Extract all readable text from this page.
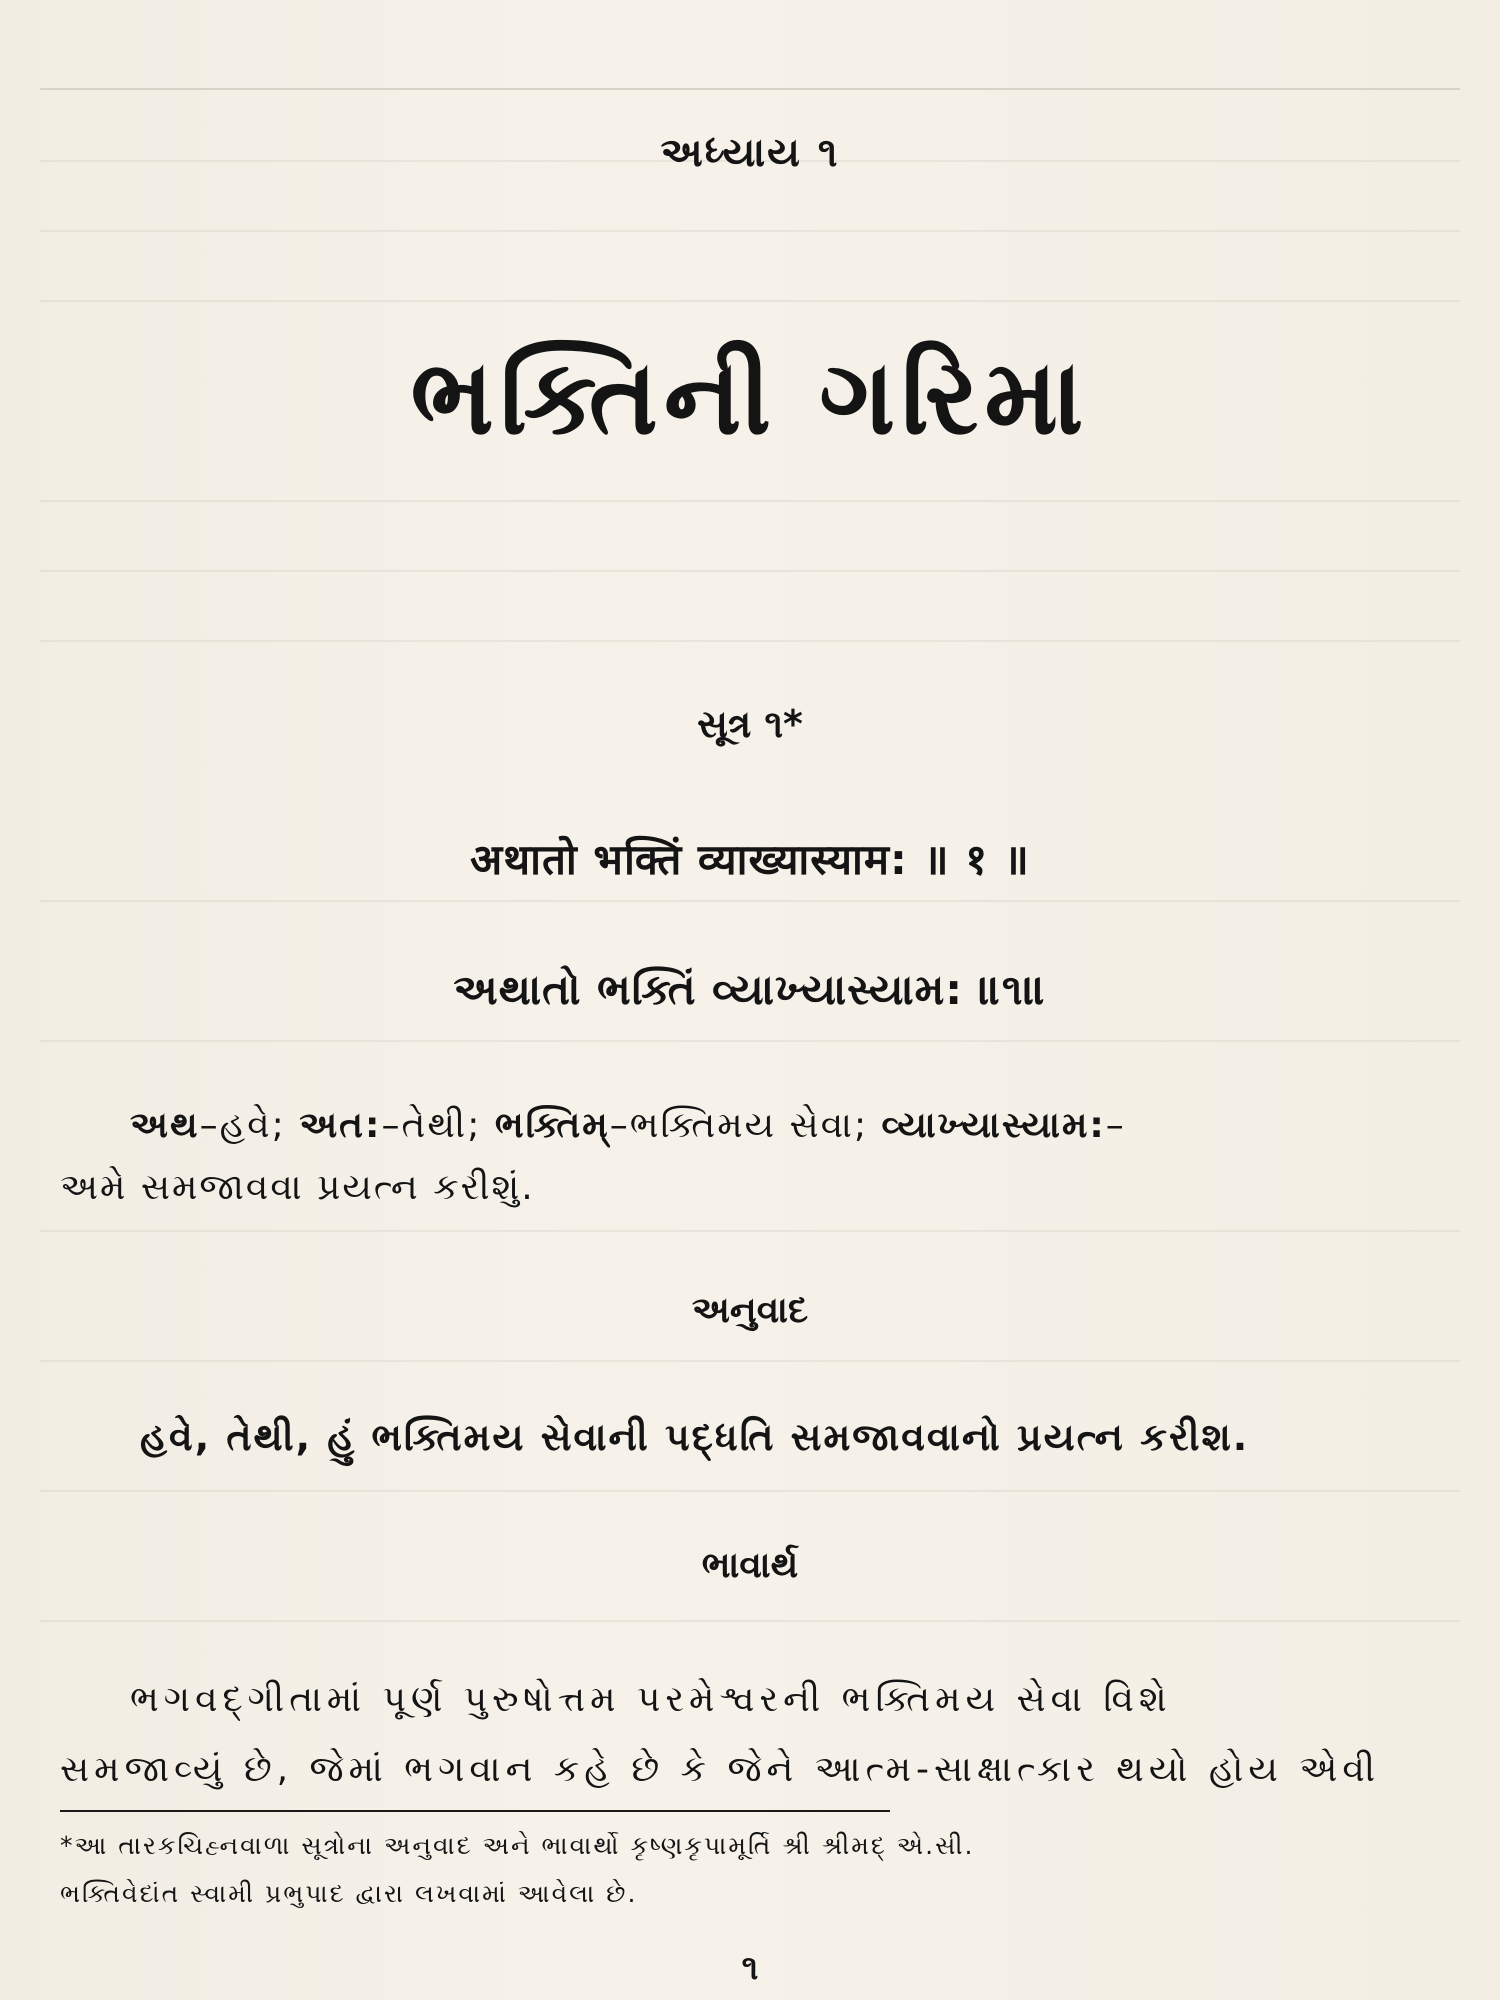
અધ્યાય ૧
ભક્તિની ગરિમા
સૂત્ર ૧*
अथातो भक्तिं व्याख्यास्याम: ॥ १ ॥
અથાતો ભક્તિં વ્યાખ્યાસ્યામ: ॥૧॥
અથ–હવે; અત:–તેથી; ભક્તિમ્–ભક્તિમય સેવા; વ્યાખ્યાસ્યામ:–
અમે સમજાવવા પ્રયત્ન કરીશું.
અનુવાદ
હવે, તેથી, હું ભક્તિમય સેવાની પદ્ધતિ સમજાવવાનો પ્રયત્ન કરીશ.
ભાવાર્થ
ભગવદ્ગીતામાં પૂર્ણ પુરુષોત્તમ પરમેશ્વરની ભક્તિમય સેવા વિશે
સમજાવ્યું છે, જેમાં ભગવાન કહે છે કે જેને આત્મ-સાક્ષાત્કાર થયો હોય એવી
*આ તારકચિહ્નવાળા સૂત્રોના અનુવાદ અને ભાવાર્થો કૃષ્ણકૃપામૂર્તિ શ્રી શ્રીમદ્ એ.સી.
ભક્તિવેદાંત સ્વામી પ્રભુપાદ દ્વારા લખવામાં આવેલા છે.
૧
